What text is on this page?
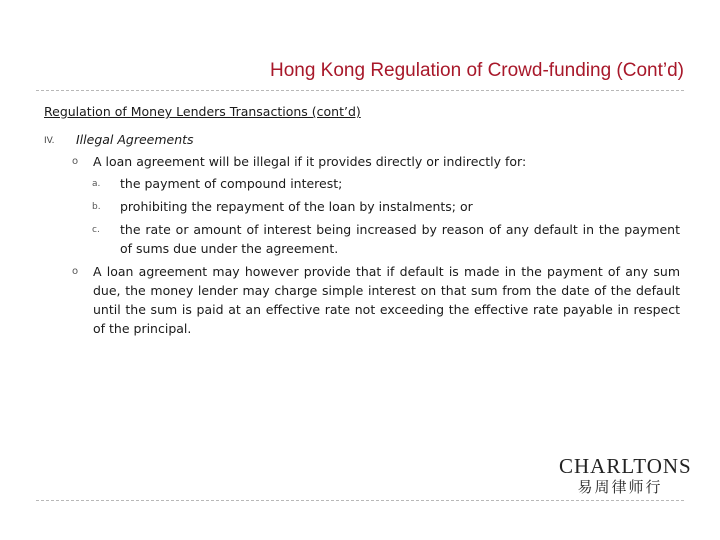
Hong Kong Regulation of Crowd-funding (Cont’d)
Regulation of Money Lenders Transactions (cont’d)
IV. Illegal Agreements
o A loan agreement will be illegal if it provides directly or indirectly for:
a. the payment of compound interest;
b. prohibiting the repayment of the loan by instalments; or
c. the rate or amount of interest being increased by reason of any default in the payment of sums due under the agreement.
o A loan agreement may however provide that if default is made in the payment of any sum due, the money lender may charge simple interest on that sum from the date of the default until the sum is paid at an effective rate not exceeding the effective rate payable in respect of the principal.
CHARLTONS
易周律师行
